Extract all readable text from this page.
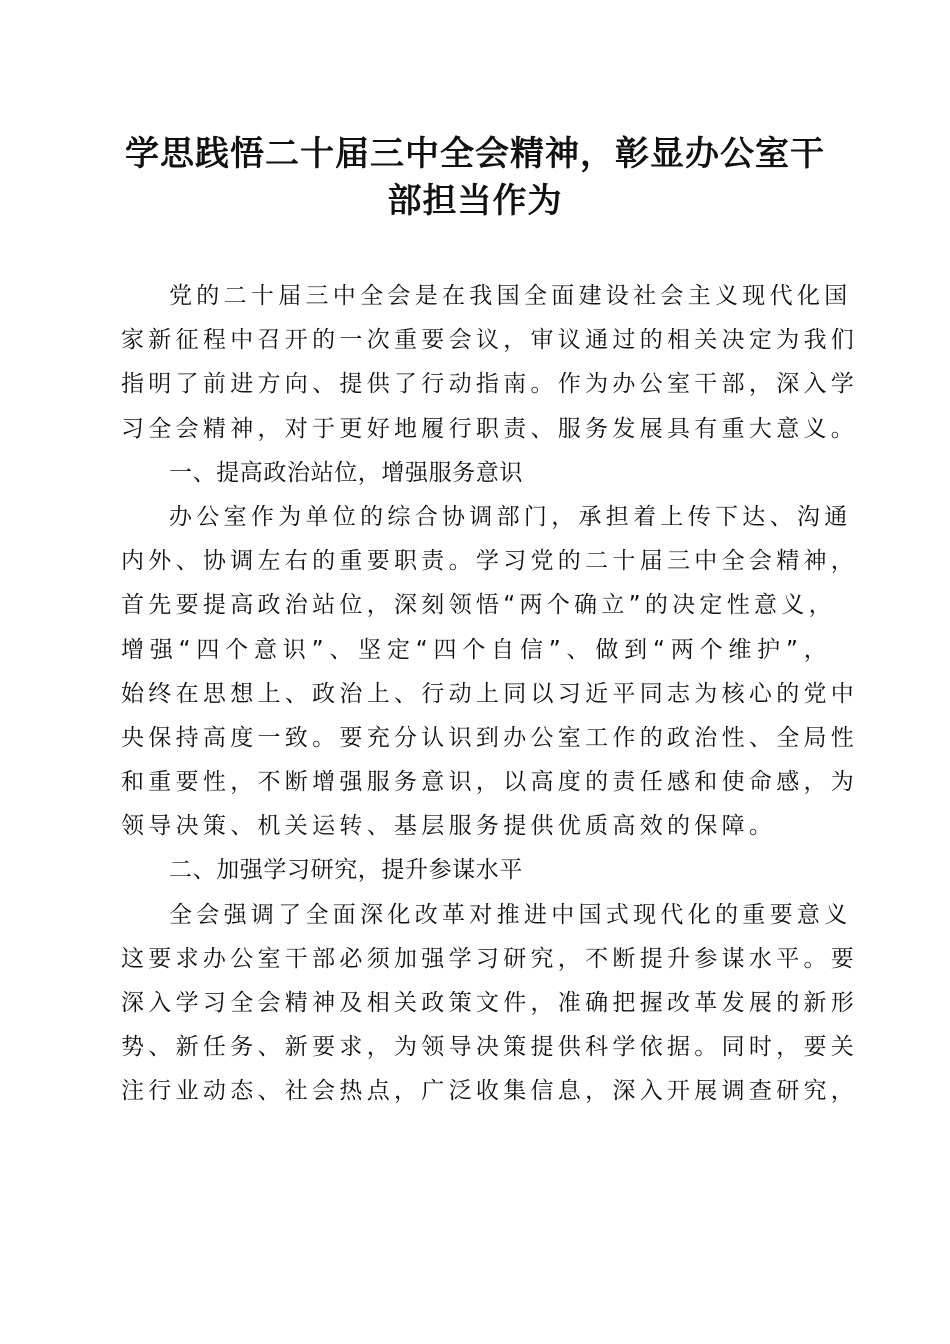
学思践悟二十届三中全会精神，彰显办公室干
部担当作为
党的二十届三中全会是在我国全面建设社会主义现代化国
家新征程中召开的一次重要会议，审议通过的相关决定为我们
指明了前进方向、提供了行动指南。作为办公室干部，深入学
习全会精神，对于更好地履行职责、服务发展具有重大意义。
一、提高政治站位，增强服务意识
办公室作为单位的综合协调部门，承担着上传下达、沟通
内外、协调左右的重要职责。学习党的二十届三中全会精神，
首先要提高政治站位，深刻领悟“两个确立”的决定性意义，
增强“四个意识”、坚定“四个自信”、做到“两个维护”，
始终在思想上、政治上、行动上同以习近平同志为核心的党中
央保持高度一致。要充分认识到办公室工作的政治性、全局性
和重要性，不断增强服务意识，以高度的责任感和使命感，为
领导决策、机关运转、基层服务提供优质高效的保障。
二、加强学习研究，提升参谋水平
全会强调了全面深化改革对推进中国式现代化的重要意义
这要求办公室干部必须加强学习研究，不断提升参谋水平。要
深入学习全会精神及相关政策文件，准确把握改革发展的新形
势、新任务、新要求，为领导决策提供科学依据。同时，要关
注行业动态、社会热点，广泛收集信息，深入开展调查研究，
